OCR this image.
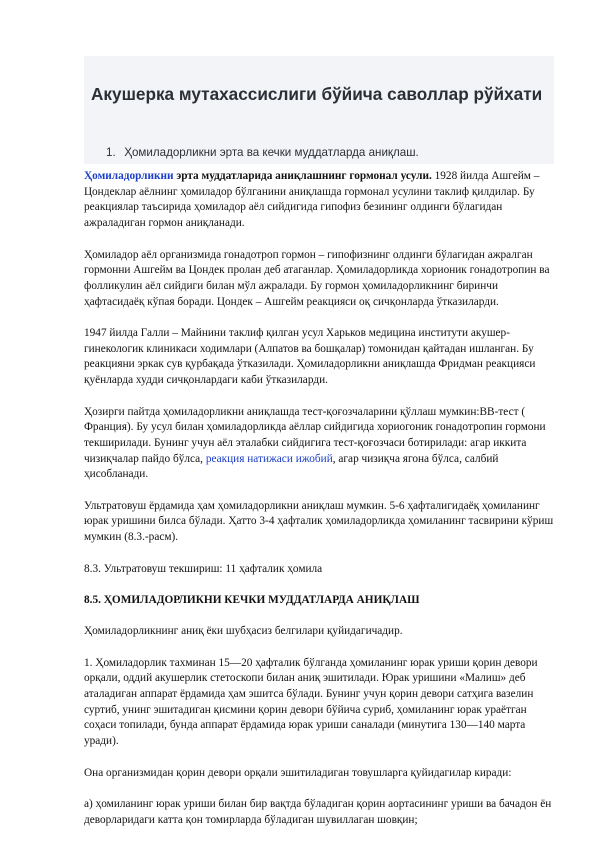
Акушерка мутахассислиги бўйича саволлар рўйхати
1. Ҳомиладорликни эрта ва кечки муддатларда аниқлаш.

Ҳомиладорликни эрта муддатларида аниқлашнинг гормонал усули. 1928 йилда Ашгейм – Цондеклар аёлнинг ҳомиладор бўлганини аниқлашда гормонал усулини таклиф қилдилар. Бу реакциялар таъсирида ҳомиладор аёл сийдигида гипофиз безининг олдинги бўлагидан ажраладиган гормон аниқланади.

Ҳомиладор аёл организмида гонадотроп гормон – гипофизнинг олдинги бўлагидан ажралган гормонни Ашгейм ва Цондек пролан деб атаганлар. Ҳомиладорликда хорионик гонадотропин ва фолликулин аёл сийдиги билан мўл ажралади. Бу гормон ҳомиладорликнинг биринчи ҳафтасидаёқ кўпая боради. Цондек – Ашгейм реакцияси оқ сичқонларда ўтказиларди.

1947 йилда Галли – Майнини таклиф қилган усул Харьков медицина институти акушер-гинекологик клиникаси ходимлари (Алпатов ва бошқалар) томонидан қайтадан ишланган. Бу реакцияни эркак сув қурбақада ўтказилади. Ҳомиладорликни аниқлашда Фридман реакцияси қуёнларда худди сичқонлардаги каби ўтказиларди.

Ҳозирги пайтда ҳомиладорликни аниқлашда тест-қоғозчаларини қўллаш мумкин:ВВ-тест ( Франция). Бу усул билан ҳомиладорликда аёллар сийдигида хориогоник гонадотропин гормони текширилади. Бунинг учун аёл эталабки сийдигига тест-қоғозчаси ботирилади: агар иккита чизиқчалар пайдо бўлса, реакция натижаси ижобий, агар чизиқча ягона бўлса, салбий ҳисобланади.

Ультратовуш ёрдамида ҳам ҳомиладорликни аниқлаш мумкин. 5-6 ҳафталигидаёқ ҳомиланинг юрак уришини билса бўлади. Ҳатто 3-4 ҳафталик ҳомиладорликда ҳомиланинг тасвирини кўриш мумкин (8.3.-расм).

8.3. Ультратовуш текшириш: 11 ҳафталик ҳомила

8.5. ҲОМИЛАДОРЛИКНИ КЕЧКИ МУДДАТЛАРДА АНИҚЛАШ

Ҳомиладорликнинг аниқ ёки шубҳасиз белгилари қуйидагичадир.

1. Ҳомиладорлик тахминан 15—20 ҳафталик бўлганда ҳомиланинг юрак уриши қорин девори орқали, оддий акушерлик стетоскопи билан аниқ эшитилади. Юрак уришини «Малиш» деб аталадиган аппарат ёрдамида ҳам эшитса бўлади. Бунинг учун қорин девори сатҳига вазелин суртиб, унинг эшитадиган қисмини қорин девори бўйича суриб, ҳомиланинг юрак ураётган соҳаси топилади, бунда аппарат ёрдамида юрак уриши саналади (минутига 130—140 марта уради).

Она организмидан қорин девори орқали эшитиладиган товушларга қуйидагилар киради:

а) ҳомиланинг юрак уриши билан бир вақтда бўладиган қорин аортасининг уриши ва бачадон ён деворларидаги катта қон томирларда бўладиган шувиллаган шовқин;
